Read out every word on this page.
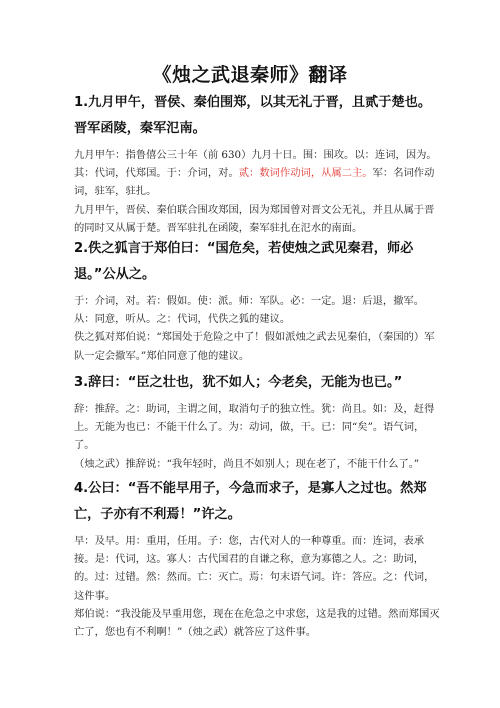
《烛之武退秦师》翻译
1.九月甲午，晋侯、秦伯围郑，以其无礼于晋，且贰于楚也。晋军函陵，秦军氾南。
九月甲午：指鲁僖公三十年（前 630）九月十日。围：围攻。以：连词，因为。其：代词，代郑国。于：介词，对。贰：数词作动词，从属二主。军：名词作动词，驻军，驻扎。
九月甲午，晋侯、秦伯联合围攻郑国，因为郑国曾对晋文公无礼，并且从属于晋的同时又从属于楚。晋军驻扎在函陵，秦军驻扎在氾水的南面。
2.佚之狐言于郑伯曰：“国危矣，若使烛之武见秦君，师必退。”公从之。
于：介词，对。若：假如。使：派。师：军队。必：一定。退：后退，撤军。从：同意，听从。之：代词，代佚之狐的建议。
佚之狐对郑伯说：“郑国处于危险之中了！假如派烛之武去见秦伯，（秦国的）军队一定会撤军。”郑伯同意了他的建议。
3.辞曰：“臣之壮也，犹不如人；今老矣，无能为也已。”
辞：推辞。之：助词，主谓之间，取消句子的独立性。犹：尚且。如：及，赶得上。无能为也已：不能干什么了。为：动词，做，干。已：同“矣”。语气词，了。
（烛之武）推辞说：“我年轻时，尚且不如别人；现在老了，不能干什么了。”
4.公曰：“吾不能早用子，今急而求子，是寡人之过也。然郑亡，子亦有不利焉！”许之。
早：及早。用：重用，任用。子：您，古代对人的一种尊重。而：连词，表承接。是：代词，这。寡人：古代国君的自谦之称，意为寡德之人。之：助词，的。过：过错。然：然而。亡：灭亡。焉：句末语气词。许：答应。之：代词，这件事。
郑伯说：“我没能及早重用您，现在在危急之中求您，这是我的过错。然而郑国灭亡了，您也有不利啊！”（烛之武）就答应了这件事。
